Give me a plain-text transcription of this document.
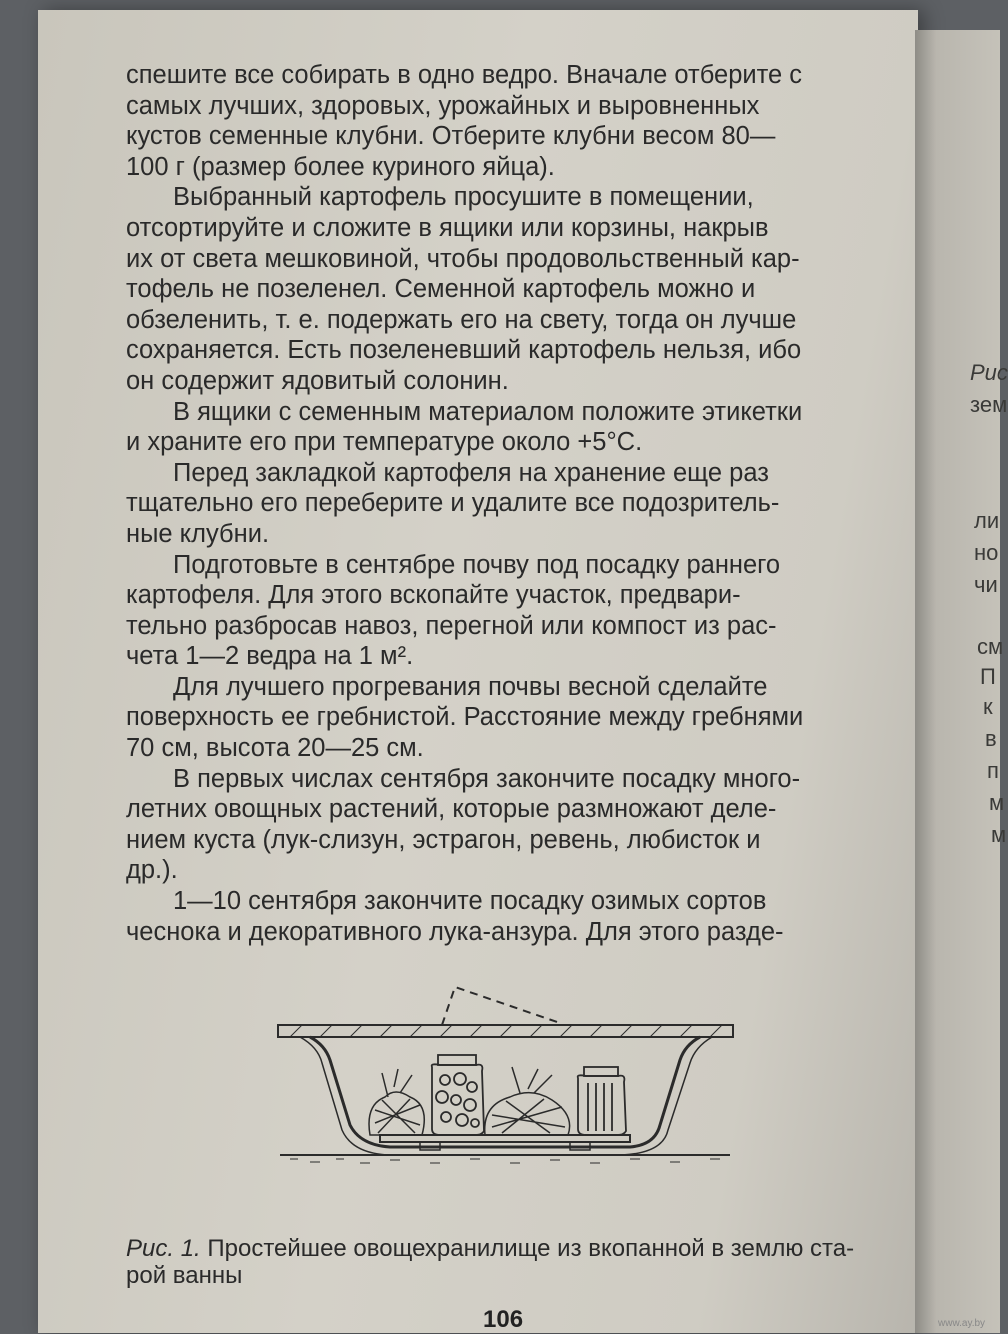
Рис
зем
ли
но
чи
см
П
к
в
п
м
м

спешите все собирать в одно ведро. Вначале отберите с
самых лучших, здоровых, урожайных и выровненных
кустов семенные клубни. Отберите клубни весом 80—
100 г (размер более куриного яйца).

Выбранный картофель просушите в помещении,
отсортируйте и сложите в ящики или корзины, накрыв
их от света мешковиной, чтобы продовольственный кар-
тофель не позеленел. Семенной картофель можно и
обзеленить, т. е. подержать его на свету, тогда он лучше
сохраняется. Есть позеленевший картофель нельзя, ибо
он содержит ядовитый солонин.

В ящики с семенным материалом положите этикетки
и храните его при температуре около +5°С.

Перед закладкой картофеля на хранение еще раз
тщательно его переберите и удалите все подозритель-
ные клубни.

Подготовьте в сентябре почву под посадку раннего
картофеля. Для этого вскопайте участок, предвари-
тельно разбросав навоз, перегной или компост из рас-
чета 1—2 ведра на 1 м².

Для лучшего прогревания почвы весной сделайте
поверхность ее гребнистой. Расстояние между гребнями
70 см, высота 20—25 см.

В первых числах сентября закончите посадку много-
летних овощных растений, которые размножают деле-
нием куста (лук-слизун, эстрагон, ревень, любисток и
др.).

1—10 сентября закончите посадку озимых сортов
чеснока и декоративного лука-анзура. Для этого разде-

Рис. 1. Простейшее овощехранилище из вкопанной в землю ста-
рой ванны
106	www.ay.by
